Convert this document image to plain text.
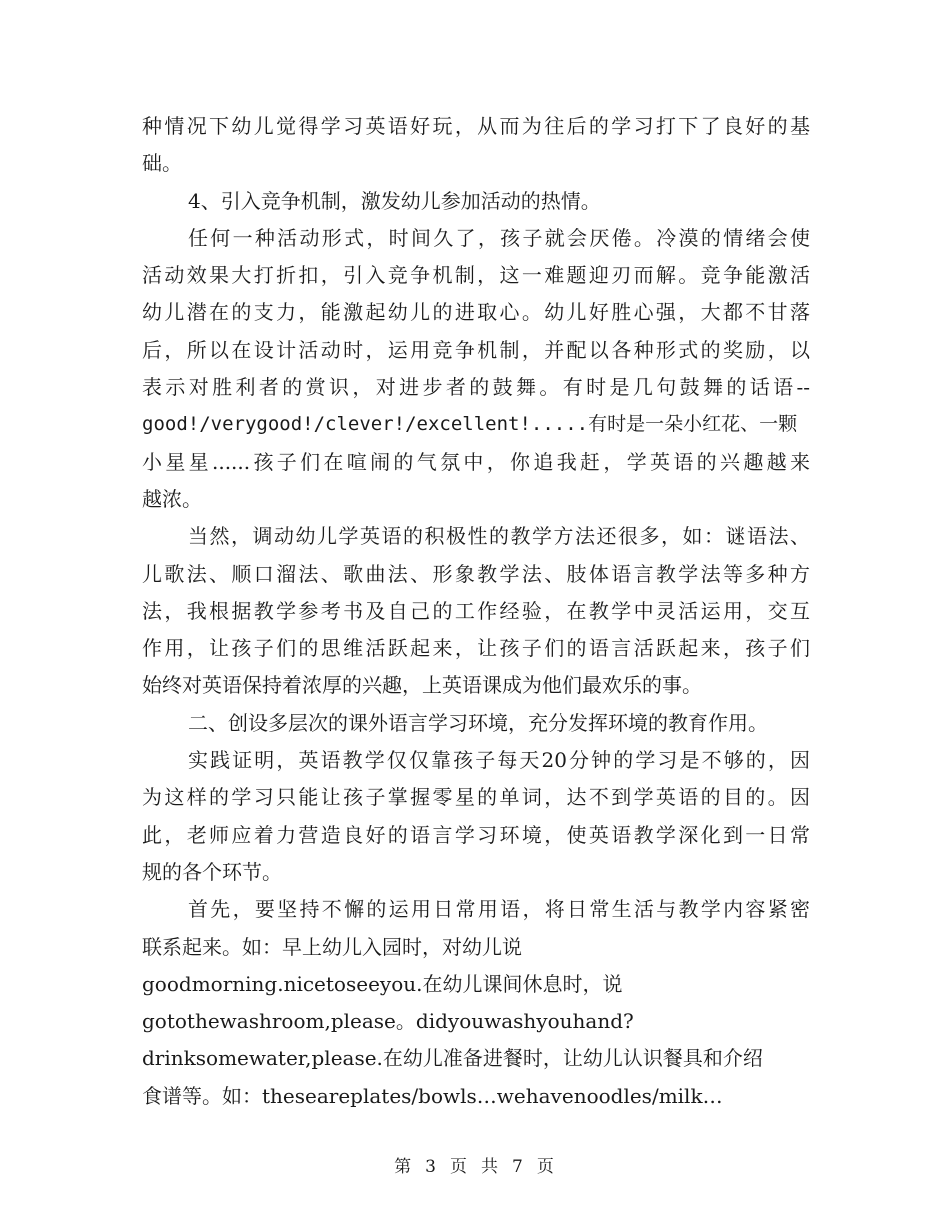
种情况下幼儿觉得学习英语好玩，从而为往后的学习打下了良好的基
础。
4、引入竞争机制，激发幼儿参加活动的热情。
任何一种活动形式，时间久了，孩子就会厌倦。冷漠的情绪会使
活动效果大打折扣，引入竞争机制，这一难题迎刃而解。竞争能激活
幼儿潜在的支力，能激起幼儿的进取心。幼儿好胜心强，大都不甘落
后，所以在设计活动时，运用竞争机制，并配以各种形式的奖励，以
表示对胜利者的赏识，对进步者的鼓舞。有时是几句鼓舞的话语--
good!/verygood!/clever!/excellent!.....有时是一朵小红花、一颗
小星星......孩子们在喧闹的气氛中，你追我赶，学英语的兴趣越来
越浓。
当然，调动幼儿学英语的积极性的教学方法还很多，如：谜语法、
儿歌法、顺口溜法、歌曲法、形象教学法、肢体语言教学法等多种方
法，我根据教学参考书及自己的工作经验，在教学中灵活运用，交互
作用，让孩子们的思维活跃起来，让孩子们的语言活跃起来，孩子们
始终对英语保持着浓厚的兴趣，上英语课成为他们最欢乐的事。
二、创设多层次的课外语言学习环境，充分发挥环境的教育作用。
实践证明，英语教学仅仅靠孩子每天20分钟的学习是不够的，因
为这样的学习只能让孩子掌握零星的单词，达不到学英语的目的。因
此，老师应着力营造良好的语言学习环境，使英语教学深化到一日常
规的各个环节。
首先，要坚持不懈的运用日常用语，将日常生活与教学内容紧密
联系起来。如：早上幼儿入园时，对幼儿说
goodmorning.nicetoseeyou.在幼儿课间休息时，说
gotothewashroom,please。didyouwashyouhand?
drinksomewater,please.在幼儿准备进餐时，让幼儿认识餐具和介绍
食谱等。如：theseareplates/bowls…wehavenoodles/milk…
第 3 页 共 7 页
